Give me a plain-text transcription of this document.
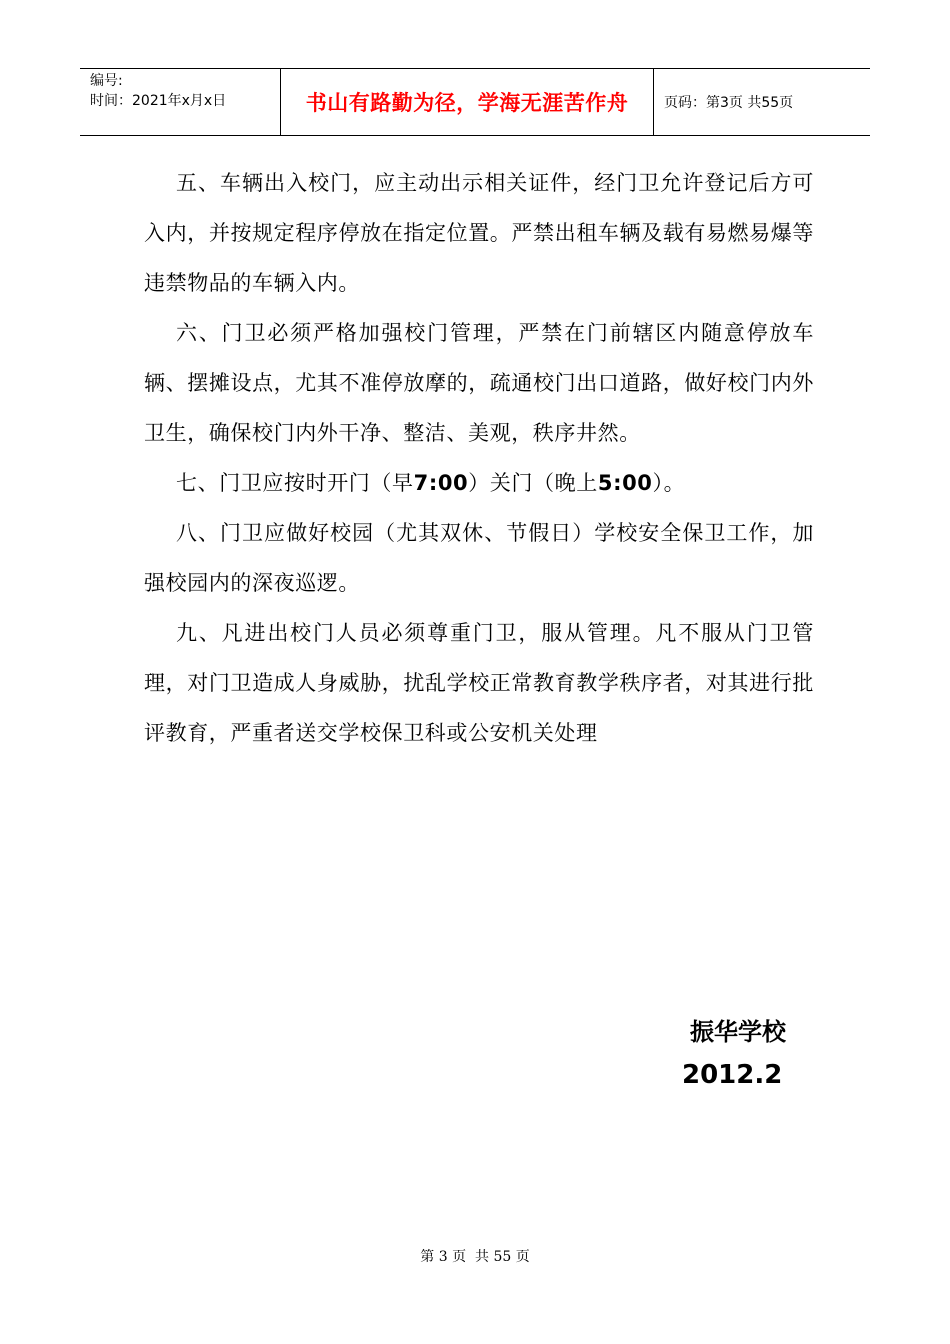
编号:
时间：2021年x月x日	书山有路勤为径，学海无涯苦作舟	页码：第3页 共55页

五、车辆出入校门，应主动出示相关证件，经门卫允许登记后方可入内，并按规定程序停放在指定位置。严禁出租车辆及载有易燃易爆等违禁物品的车辆入内。

六、门卫必须严格加强校门管理，严禁在门前辖区内随意停放车辆、摆摊设点，尤其不准停放摩的，疏通校门出口道路，做好校门内外卫生，确保校门内外干净、整洁、美观，秩序井然。

七、门卫应按时开门（早7:00）关门（晚上5:00）。

八、门卫应做好校园（尤其双休、节假日）学校安全保卫工作，加强校园内的深夜巡逻。

九、凡进出校门人员必须尊重门卫，服从管理。凡不服从门卫管理，对门卫造成人身威胁，扰乱学校正常教育教学秩序者，对其进行批评教育，严重者送交学校保卫科或公安机关处理

振华学校
2012.2
第 3 页  共 55 页
